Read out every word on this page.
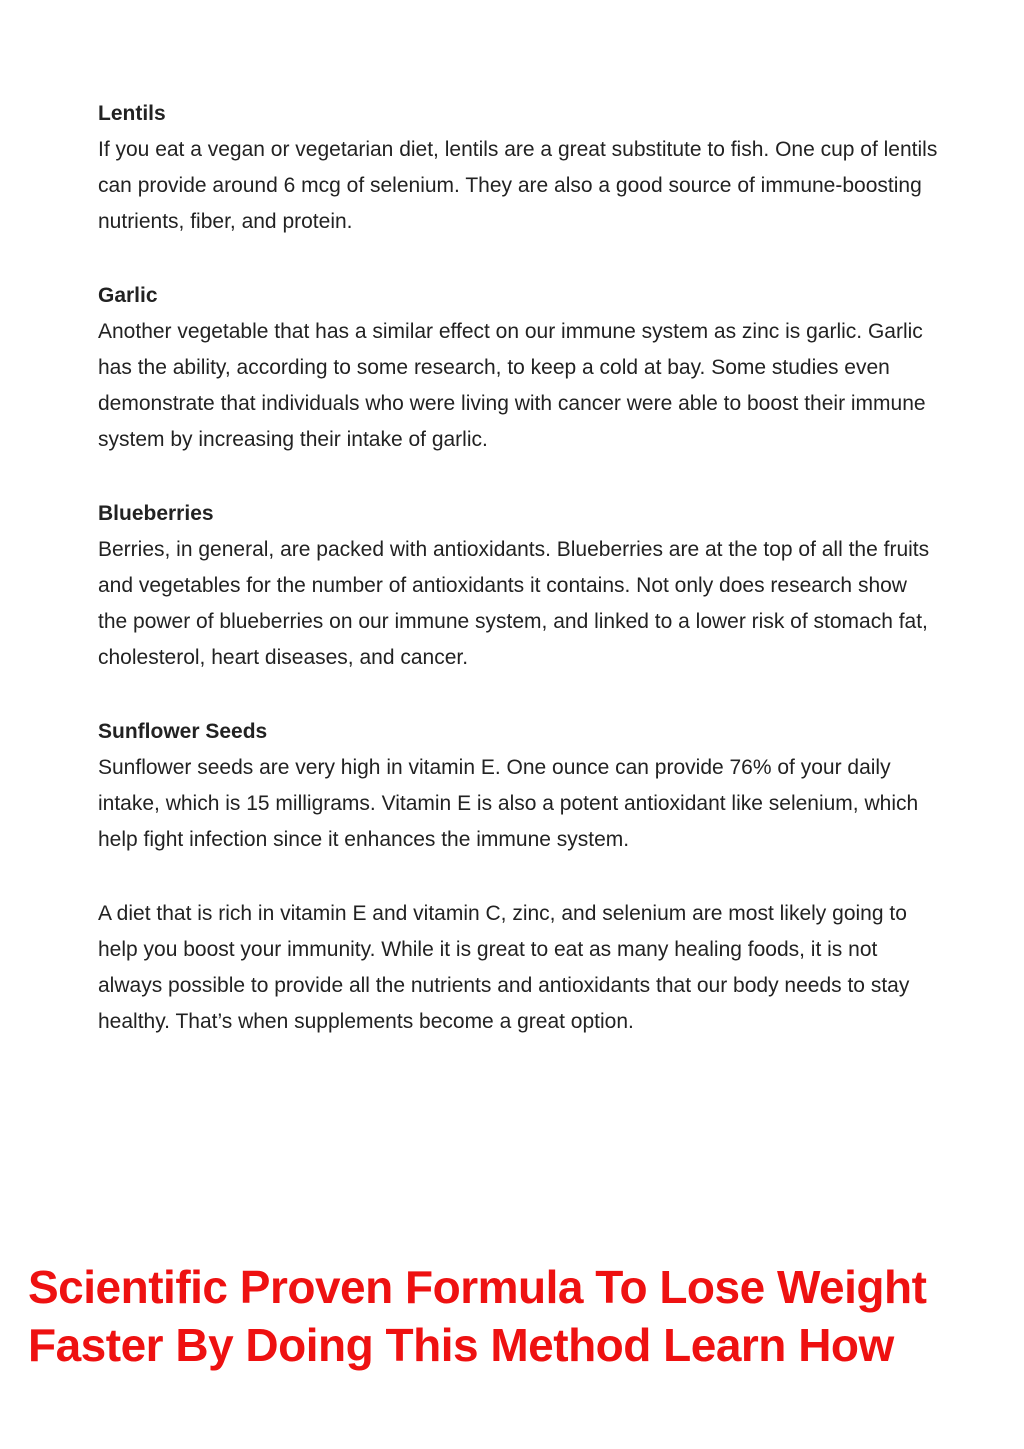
Lentils

If you eat a vegan or vegetarian diet, lentils are a great substitute to fish. One cup of lentils can provide around 6 mcg of selenium. They are also a good source of immune-boosting nutrients, fiber, and protein.

Garlic

Another vegetable that has a similar effect on our immune system as zinc is garlic. Garlic has the ability, according to some research, to keep a cold at bay. Some studies even demonstrate that individuals who were living with cancer were able to boost their immune system by increasing their intake of garlic.

Blueberries

Berries, in general, are packed with antioxidants. Blueberries are at the top of all the fruits and vegetables for the number of antioxidants it contains. Not only does research show the power of blueberries on our immune system, and linked to a lower risk of stomach fat, cholesterol, heart diseases, and cancer.

Sunflower Seeds

Sunflower seeds are very high in vitamin E. One ounce can provide 76% of your daily intake, which is 15 milligrams. Vitamin E is also a potent antioxidant like selenium, which help fight infection since it enhances the immune system.

A diet that is rich in vitamin E and vitamin C, zinc, and selenium are most likely going to help you boost your immunity. While it is great to eat as many healing foods, it is not always possible to provide all the nutrients and antioxidants that our body needs to stay healthy. That’s when supplements become a great option.

Scientific Proven Formula To Lose Weight Faster By Doing This Method Learn How
